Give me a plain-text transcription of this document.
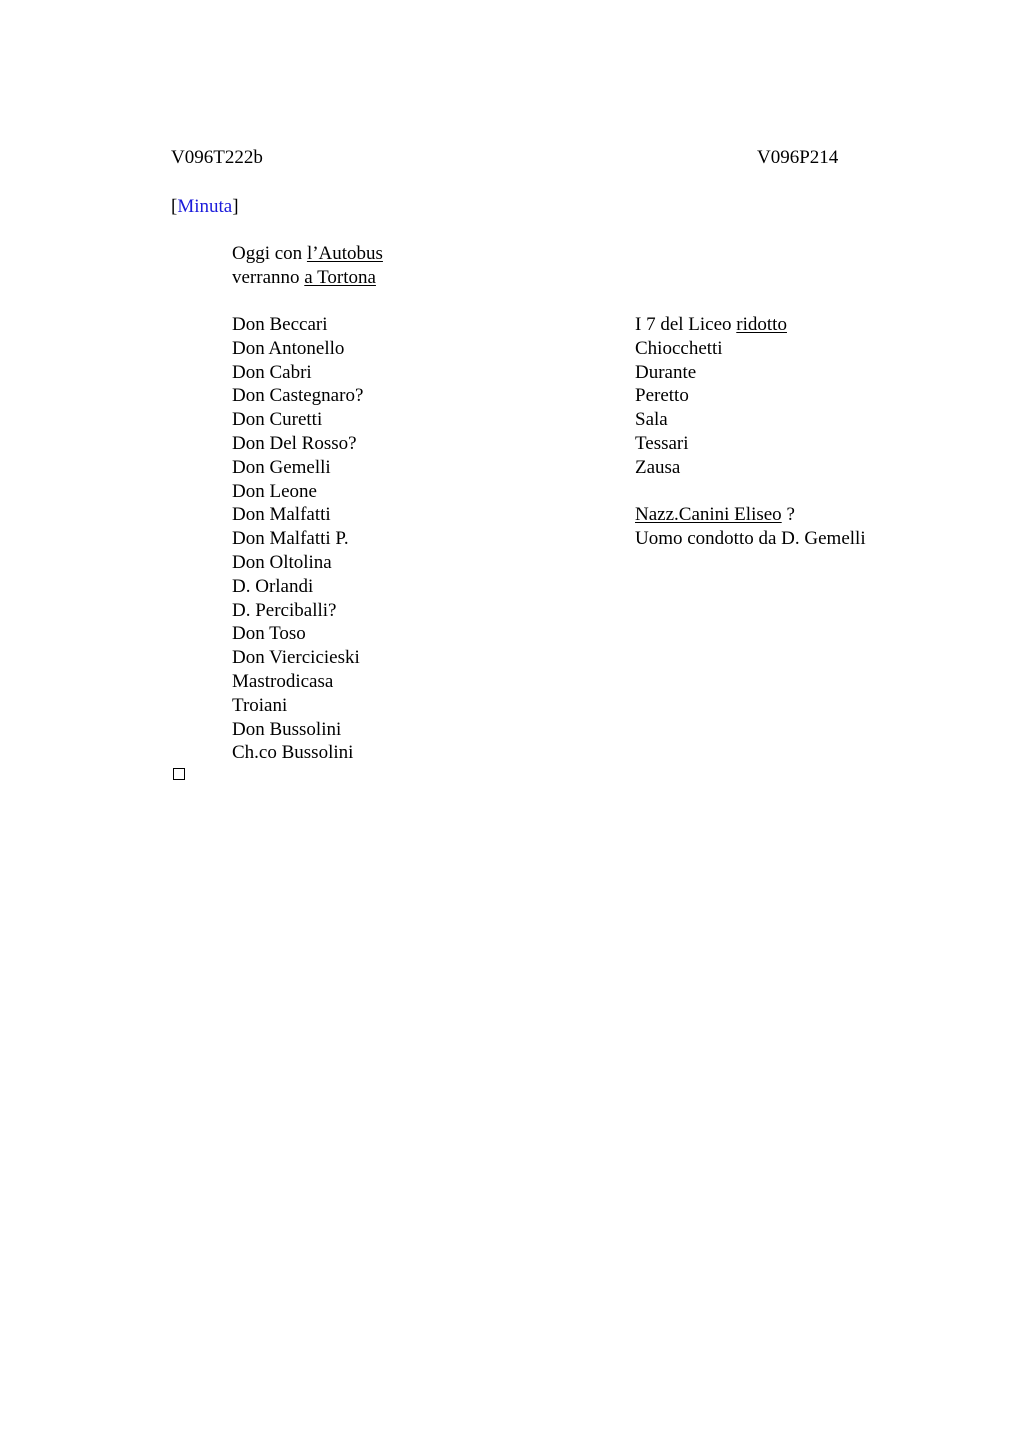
V096T222b	V096P214
[Minuta]
Oggi con l’Autobus
verranno a Tortona
Don Beccari
Don Antonello
Don Cabri
Don Castegnaro?
Don Curetti
Don Del Rosso?
Don Gemelli
Don Leone
Don Malfatti
Don Malfatti P.
Don Oltolina
D. Orlandi
D. Perciballi?
Don Toso
Don Viercicieski
Mastrodicasa
Troiani
Don Bussolini
Ch.co Bussolini
I 7 del Liceo ridotto
Chiocchetti
Durante
Peretto
Sala
Tessari
Zausa
Nazz.Canini Eliseo ?
Uomo condotto da D. Gemelli
